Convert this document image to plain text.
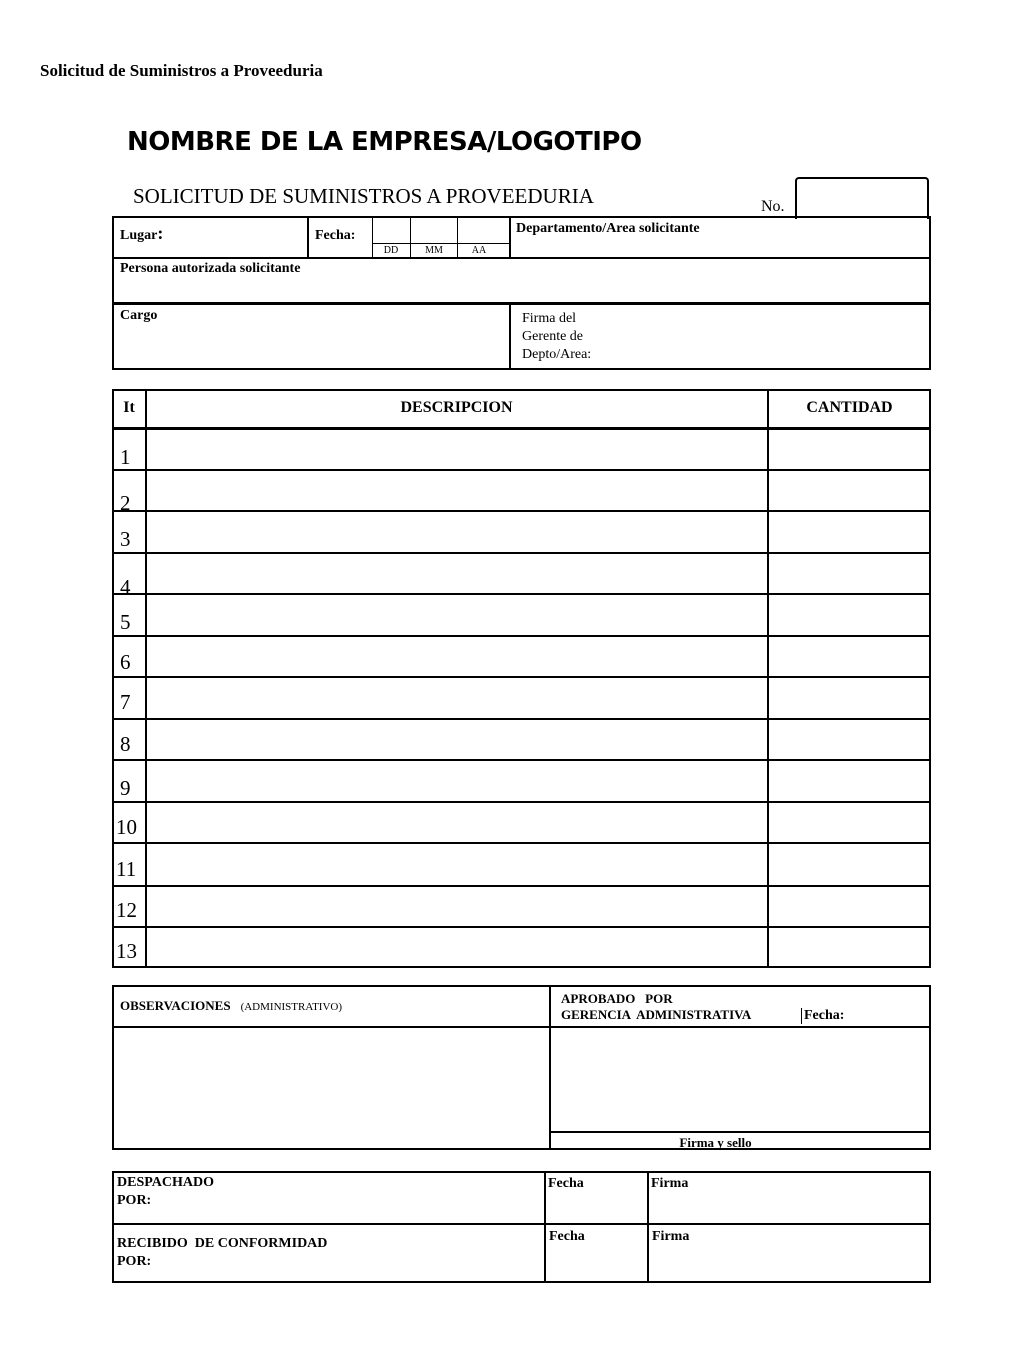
Solicitud de Suministros a Proveeduria
NOMBRE DE LA EMPRESA/LOGOTIPO
SOLICITUD DE SUMINISTROS A PROVEEDURIA	No.
Lugar:	Fecha:
DD	MM	AA
Departamento/Area solicitante
Persona autorizada solicitante
Cargo	Firma del
Gerente de
Depto/Area:
It	DESCRIPCION	CANTIDAD
1
2
3
4
5
6
7
8
9
10
11
12
13
OBSERVACIONES (ADMINISTRATIVO)
APROBADO   POR
GERENCIA  ADMINISTRATIVA	Fecha:
Firma y sello
DESPACHADO
POR:
Fecha	Firma
RECIBIDO  DE CONFORMIDAD
POR:
Fecha	Firma
